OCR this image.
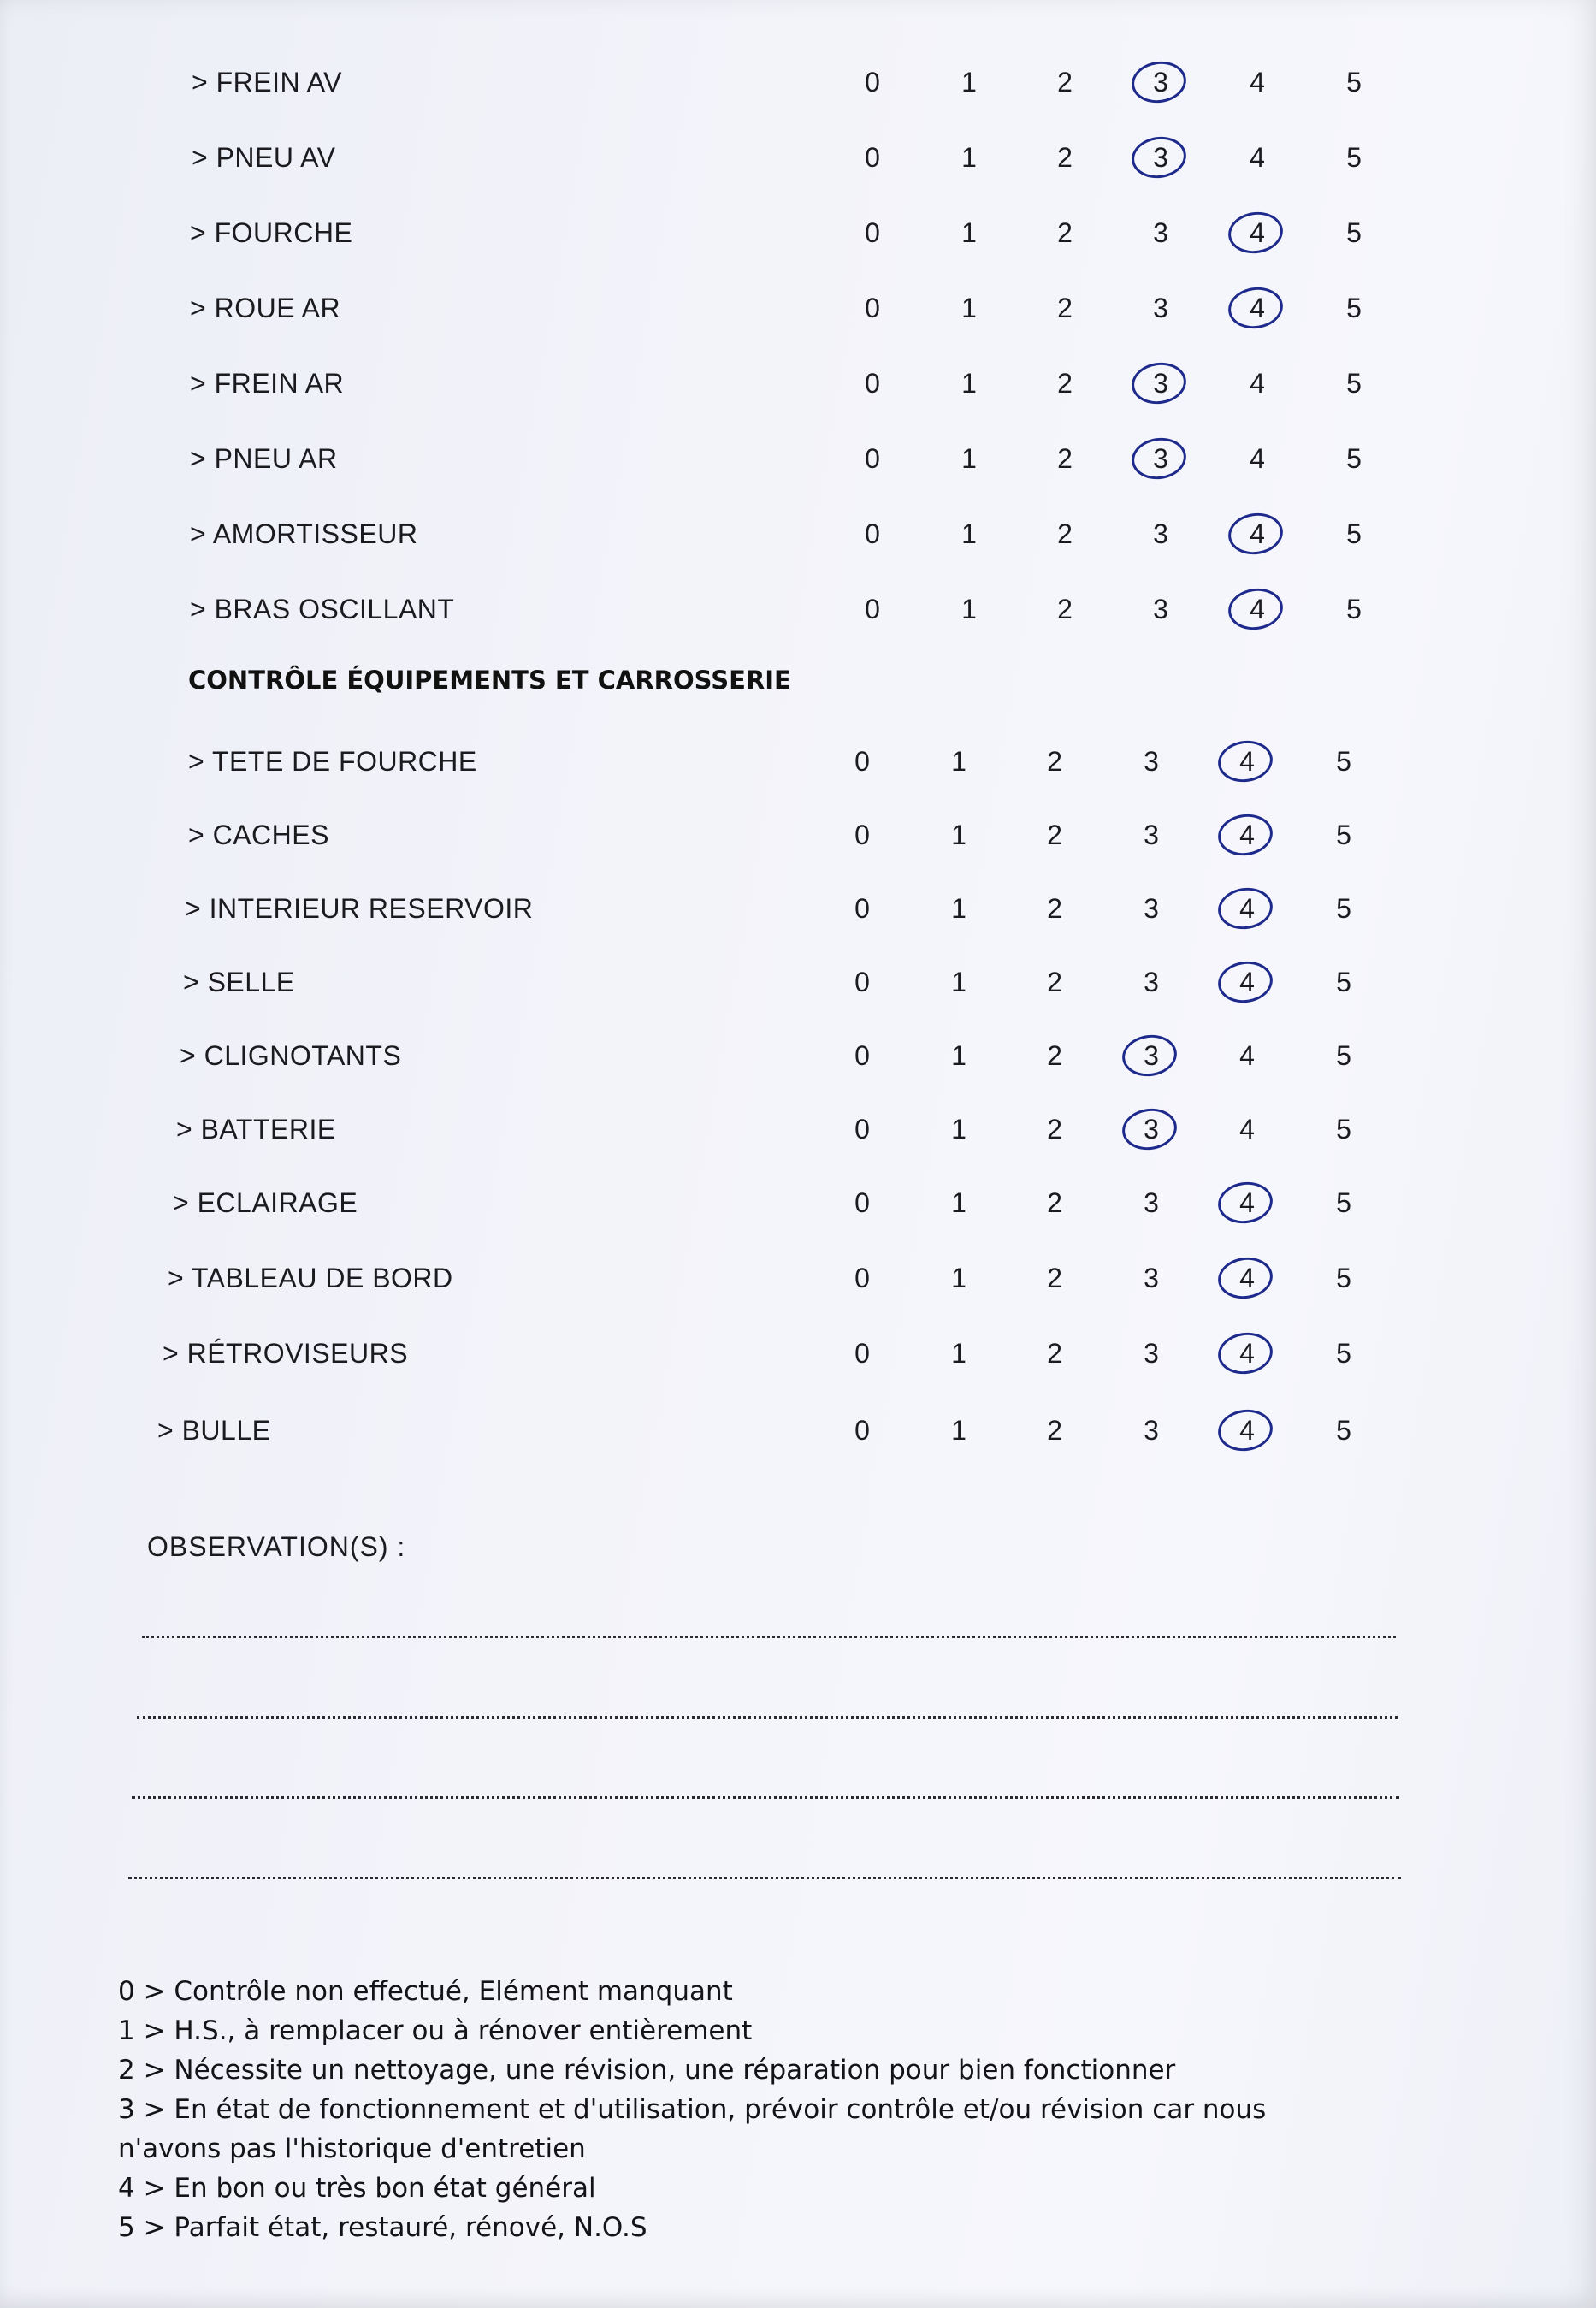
> FREIN AV	0	1	2	3	4	5
> PNEU AV	0	1	2	3	4	5
> FOURCHE	0	1	2	3	4	5
> ROUE AR	0	1	2	3	4	5
> FREIN AR	0	1	2	3	4	5
> PNEU AR	0	1	2	3	4	5
> AMORTISSEUR	0	1	2	3	4	5
> BRAS OSCILLANT	0	1	2	3	4	5
> TETE DE FOURCHE	0	1	2	3	4	5
> CACHES	0	1	2	3	4	5
> INTERIEUR RESERVOIR	0	1	2	3	4	5
> SELLE	0	1	2	3	4	5
> CLIGNOTANTS	0	1	2	3	4	5
> BATTERIE	0	1	2	3	4	5
> ECLAIRAGE	0	1	2	3	4	5
> TABLEAU DE BORD	0	1	2	3	4	5
> RÉTROVISEURS	0	1	2	3	4	5
> BULLE	0	1	2	3	4	5
CONTRÔLE ÉQUIPEMENTS ET CARROSSERIE
OBSERVATION(S) :
0 > Contrôle non effectué, Elément manquant
1 > H.S., à remplacer ou à rénover entièrement
2 > Nécessite un nettoyage, une révision, une réparation pour bien fonctionner
3 > En état de fonctionnement et d'utilisation, prévoir contrôle et/ou révision car nous
n'avons pas l'historique d'entretien
4 > En bon ou très bon état général
5 > Parfait état, restauré, rénové, N.O.S
